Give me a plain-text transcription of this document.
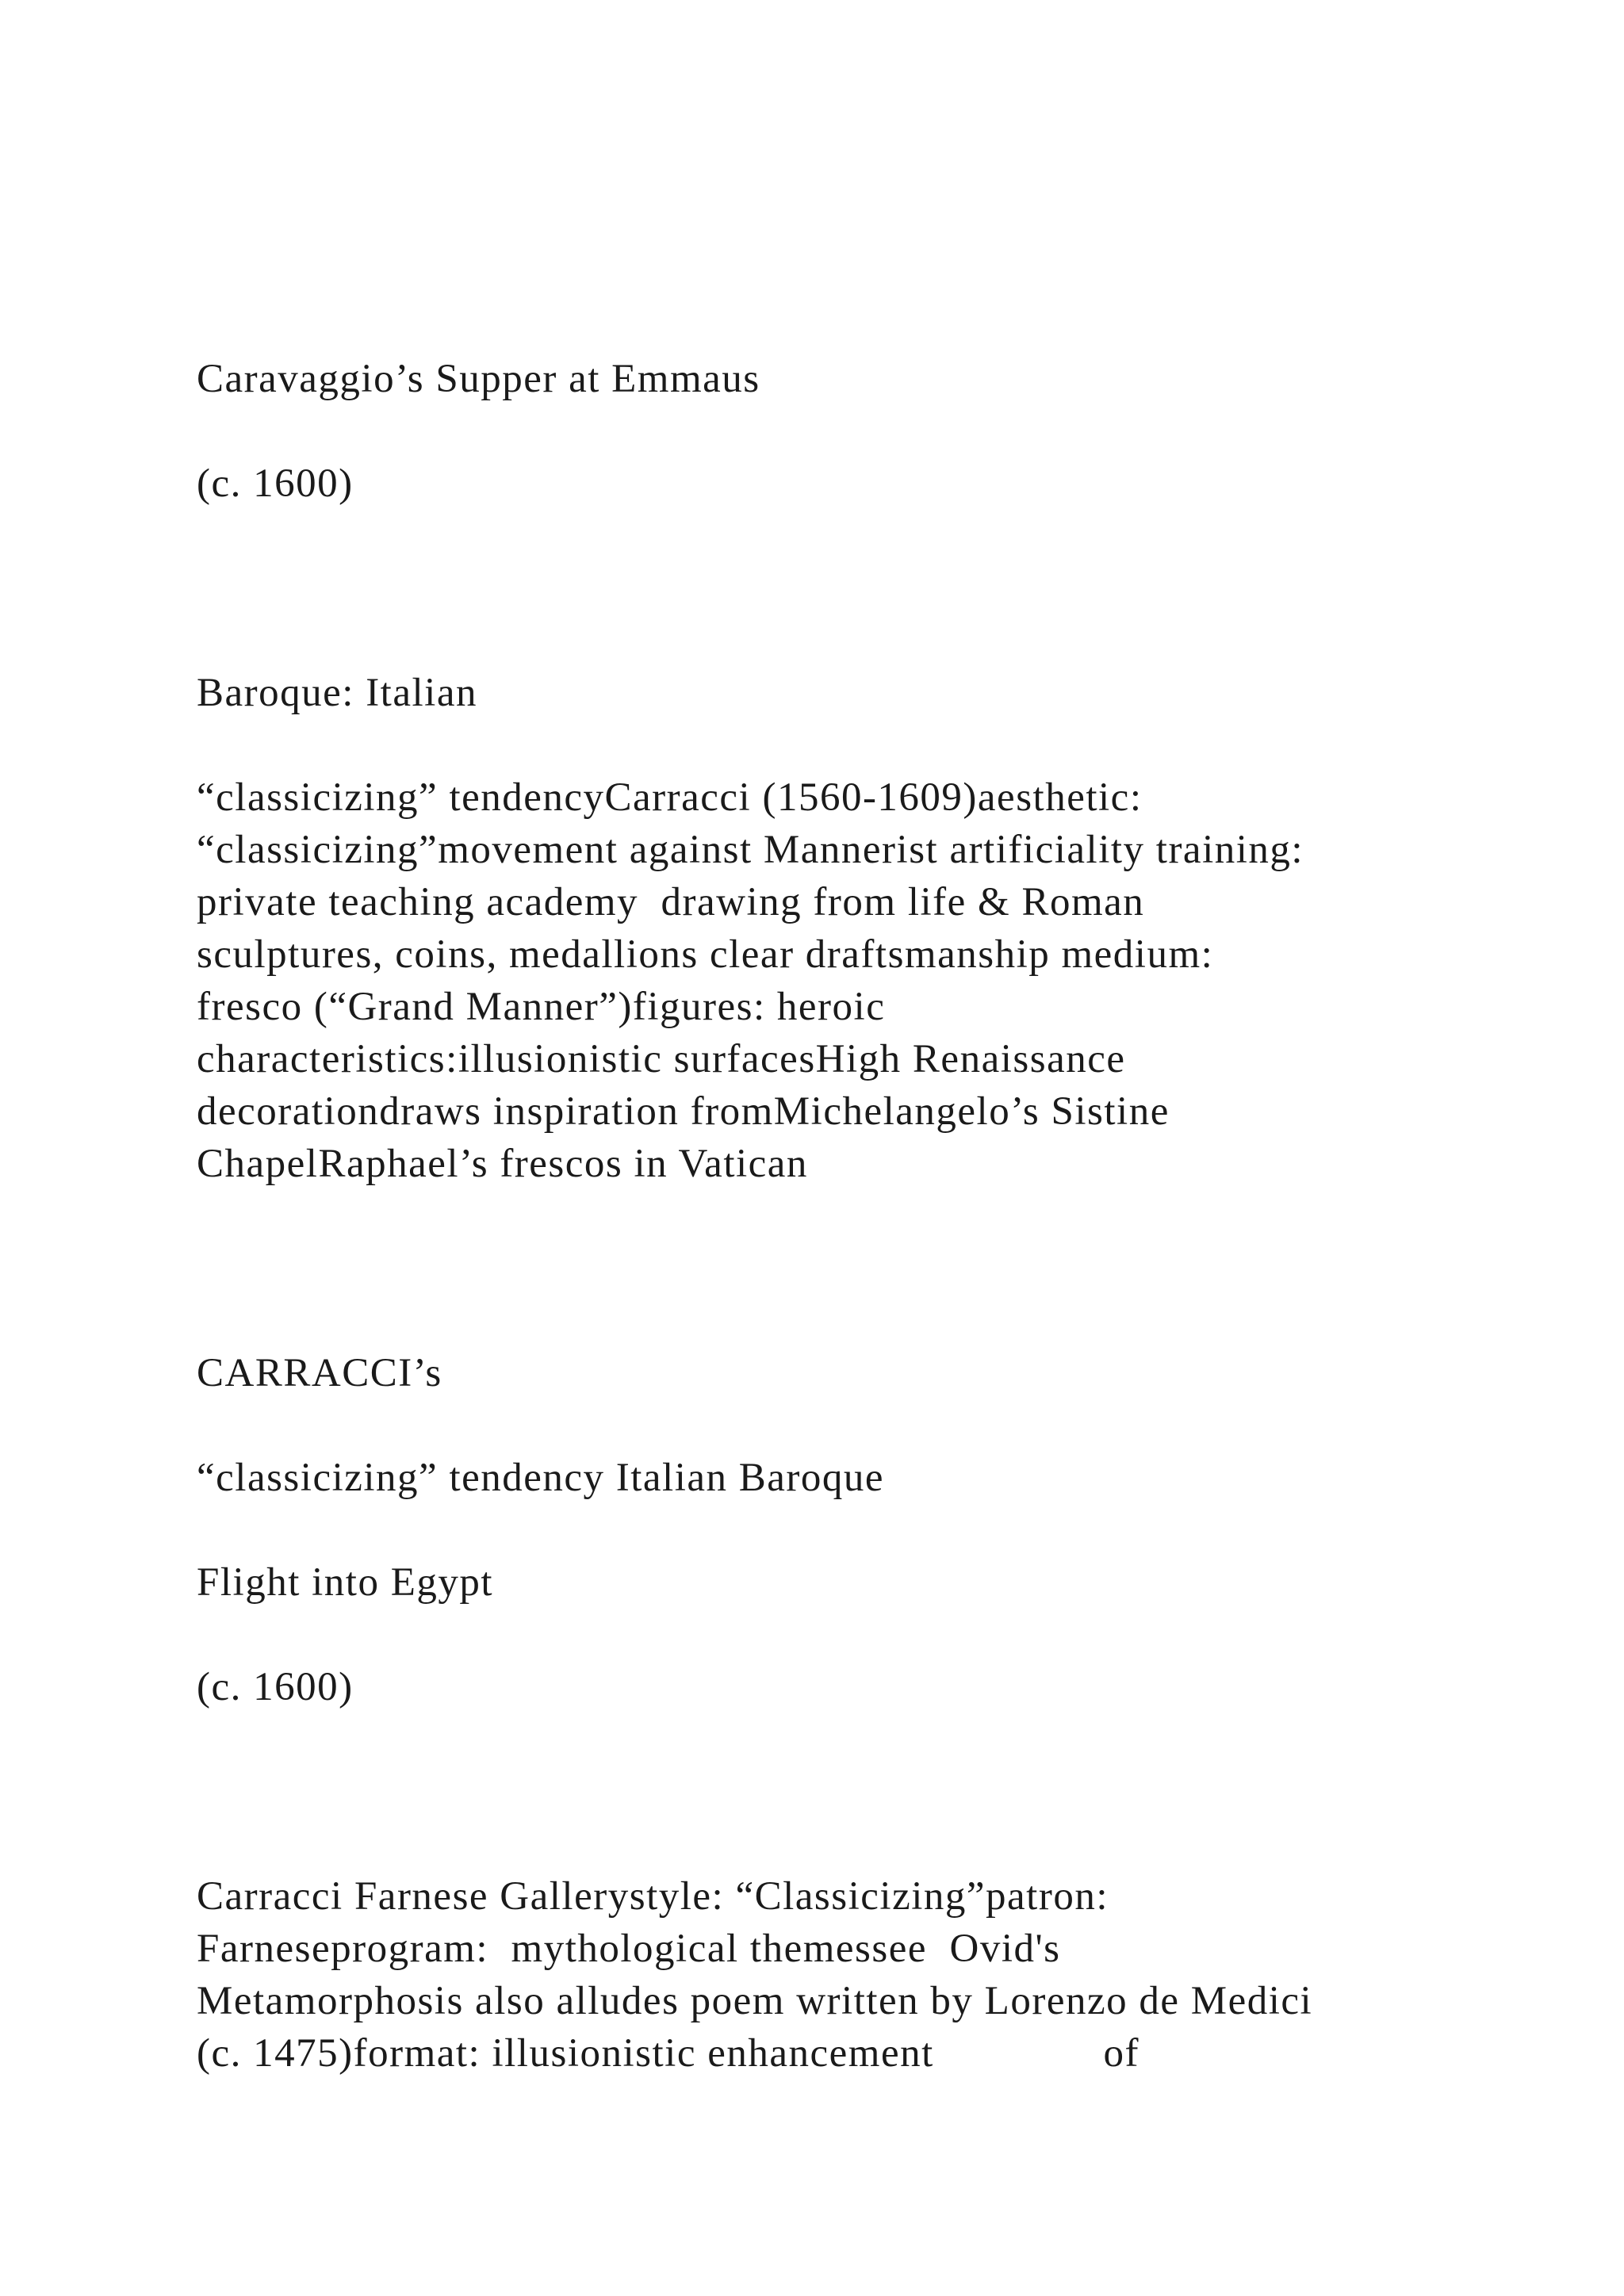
Caravaggio’s Supper at Emmaus
(c. 1600)
Baroque: Italian
“classicizing” tendencyCarracci (1560-1609)aesthetic:
“classicizing”movement against Mannerist artificiality training:
private teaching academy  drawing from life & Roman
sculptures, coins, medallions clear draftsmanship medium:
fresco (“Grand Manner”)figures: heroic
characteristics:illusionistic surfacesHigh Renaissance
decorationdraws inspiration fromMichelangelo’s Sistine
ChapelRaphael’s frescos in Vatican
CARRACCI’s
“classicizing” tendency Italian Baroque
Flight into Egypt
(c. 1600)
Carracci Farnese Gallerystyle: “Classicizing”patron:
Farneseprogram:  mythological themessee  Ovid's
Metamorphosis also alludes poem written by Lorenzo de Medici
(c. 1475)format: illusionistic enhancement               of
